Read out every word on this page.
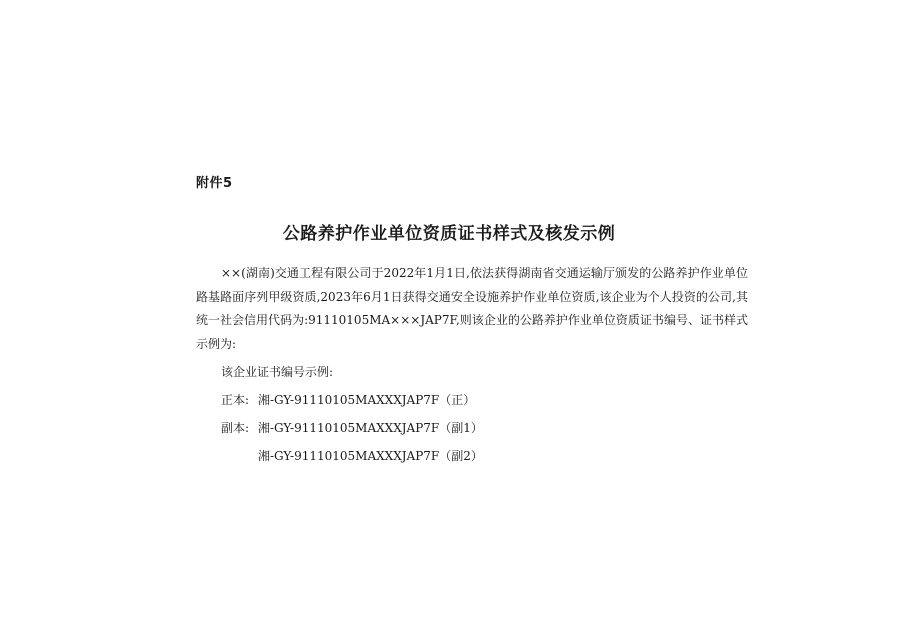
附件5
公路养护作业单位资质证书样式及核发示例
××(湖南)交通工程有限公司于2022年1月1日,依法获得湖南省交通运输厅颁发的公路养护作业单位路基路面序列甲级资质,2023年6月1日获得交通安全设施养护作业单位资质,该企业为个人投资的公司,其统一社会信用代码为:91110105MA×××JAP7F,则该企业的公路养护作业单位资质证书编号、证书样式示例为:
该企业证书编号示例:
正本: 湘-GY-91110105MAXXXJAP7F（正）
副本: 湘-GY-91110105MAXXXJAP7F（副1）
湘-GY-91110105MAXXXJAP7F（副2）
